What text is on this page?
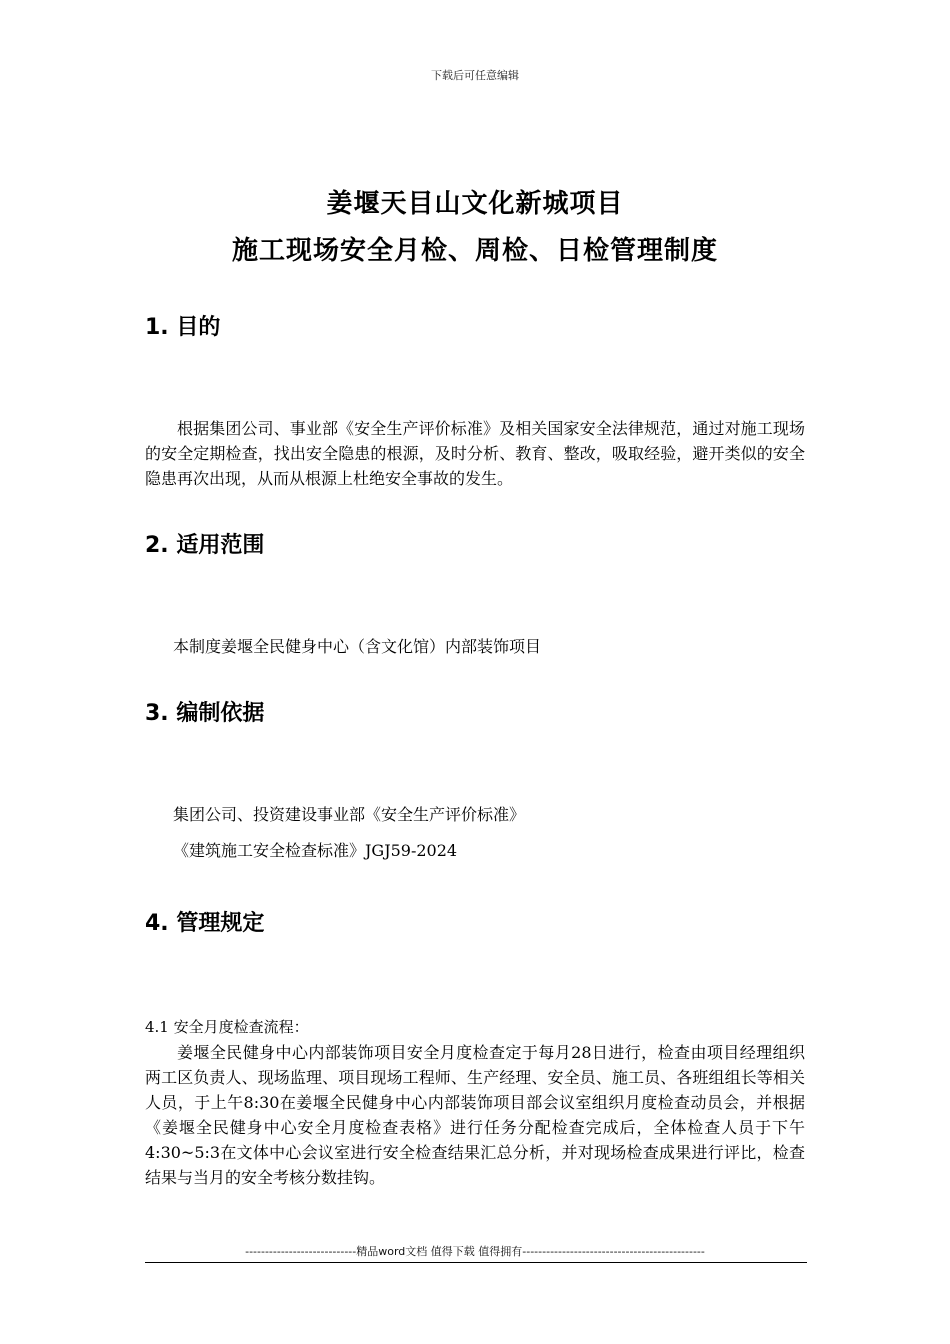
下载后可任意编辑
姜堰天目山文化新城项目
施工现场安全月检、周检、日检管理制度
1. 目的
根据集团公司、事业部《安全生产评价标准》及相关国家安全法律规范，通过对施工现场的安全定期检查，找出安全隐患的根源，及时分析、教育、整改，吸取经验，避开类似的安全隐患再次出现，从而从根源上杜绝安全事故的发生。
2. 适用范围
本制度姜堰全民健身中心（含文化馆）内部装饰项目
3. 编制依据
集团公司、投资建设事业部《安全生产评价标准》
《建筑施工安全检查标准》JGJ59-2024
4. 管理规定
4.1 安全月度检查流程：
姜堰全民健身中心内部装饰项目安全月度检查定于每月28日进行，检查由项目经理组织两工区负责人、现场监理、项目现场工程师、生产经理、安全员、施工员、各班组组长等相关人员，于上午8:30在姜堰全民健身中心内部装饰项目部会议室组织月度检查动员会，并根据《姜堰全民健身中心安全月度检查表格》进行任务分配检查完成后，全体检查人员于下午4:30~5:3在文体中心会议室进行安全检查结果汇总分析，并对现场检查成果进行评比，检查结果与当月的安全考核分数挂钩。
----------------------------精品word文档 值得下载 值得拥有----------------------------------------------
